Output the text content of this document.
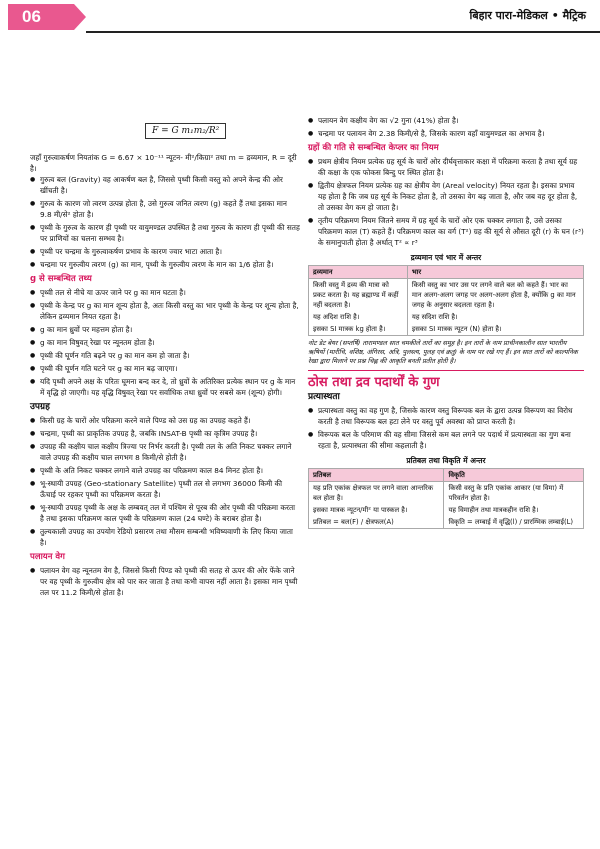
06	बिहार पारा-मेडिकल • मैट्रिक
F = G m₁m₂/R²
जहाँ गुरुत्वाकर्षण नियतांक G = 6.67 × 10⁻¹¹ न्यूटन- मी²/किग्रा² तथा m = द्रव्यमान, R = दूरी है।
● गुरुत्व बल (Gravity) वह आकर्षण बल है, जिससे पृथ्वी किसी वस्तु को अपने केन्द्र की ओर खींचती है।
● गुरुत्व के कारण जो त्वरण उत्पन्न होता है, उसे गुरुत्व जनित त्वरण (g) कहते हैं तथा इसका मान 9.8 मी/से² होता है।
● पृथ्वी के गुरुत्व के कारण ही पृथ्वी पर वायुमण्डल उपस्थित है तथा गुरुत्व के कारण ही पृथ्वी की सतह पर प्राणियों का चलना सम्भव है।
● पृथ्वी पर चन्द्रमा के गुरुत्वाकर्षण प्रभाव के कारण ज्वार भाटा आता है।
● चन्द्रमा पर गुरुत्वीय त्वरण (g) का मान, पृथ्वी के गुरुत्वीय त्वरण के मान का 1/6 होता है।
g से सम्बन्धित तथ्य
● पृथ्वी तल से नीचे या ऊपर जाने पर g का मान घटता है।
● पृथ्वी के केन्द्र पर g का मान शून्य होता है, अतः किसी वस्तु का भार पृथ्वी के केन्द्र पर शून्य होता है, लेकिन द्रव्यमान नियत रहता है।
● g का मान ध्रुवों पर महत्तम होता है।
● g का मान विषुवत् रेखा पर न्यूनतम होता है।
● पृथ्वी की घूर्णन गति बढ़ने पर g का मान कम हो जाता है।
● पृथ्वी की घूर्णन गति घटने पर g का मान बढ़ जाएगा।
● यदि पृथ्वी अपने अक्ष के परितः घूमना बन्द कर दे, तो ध्रुवों के अतिरिक्त प्रत्येक स्थान पर g के मान में वृद्धि हो जाएगी। यह वृद्धि विषुवत् रेखा पर सर्वाधिक तथा ध्रुवों पर सबसे कम (शून्य) होगी।
उपग्रह
● किसी ग्रह के चारों ओर परिक्रमा करने वाले पिण्ड को उस ग्रह का उपग्रह कहते हैं।
● चन्द्रमा, पृथ्वी का प्राकृतिक उपग्रह है, जबकि INSAT-B पृथ्वी का कृत्रिम उपग्रह है।
● उपग्रह की कक्षीय चाल कक्षीय त्रिज्या पर निर्भर करती है। पृथ्वी तल के अति निकट चक्कर लगाने वाले उपग्रह की कक्षीय चाल लगभग 8 किमी/से होती है।
● पृथ्वी के अति निकट चक्कर लगाने वाले उपग्रह का परिक्रमण काल 84 मिनट होता है।
● भू-स्थायी उपग्रह (Geo-stationary Satellite) पृथ्वी तल से लगभग 36000 किमी की ऊँचाई पर रहकर पृथ्वी का परिक्रमण करता है।
● भू-स्थायी उपग्रह पृथ्वी के अक्ष के लम्बवत् तल में पश्चिम से पूरब की ओर पृथ्वी की परिक्रमा करता है तथा इसका परिक्रमण काल पृथ्वी के परिक्रमण काल (24 घण्टे) के बराबर होता है।
● तुल्यकाली उपग्रह का उपयोग रेडियो प्रसारण तथा मौसम सम्बन्धी भविष्यवाणी के लिए किया जाता है।
पलायन वेग
● पलायन वेग वह न्यूनतम वेग है, जिससे किसी पिण्ड को पृथ्वी की सतह से ऊपर की ओर फेंके जाने पर वह पृथ्वी के गुरुत्वीय क्षेत्र को पार कर जाता है तथा कभी वापस नहीं आता है। इसका मान पृथ्वी तल पर 11.2 किमी/से होता है।
● पलायन वेग कक्षीय वेग का √2 गुना (41%) होता है।
● चन्द्रमा पर पलायन वेग 2.38 किमी/से है, जिसके कारण वहाँ वायुमण्डल का अभाव है।
ग्रहों की गति से सम्बन्धित केप्लर का नियम
● प्रथम क्षेत्रीय नियम प्रत्येक ग्रह सूर्य के चारों ओर दीर्घवृत्ताकार कक्षा में परिक्रमा करता है तथा सूर्य ग्रह की कक्षा के एक फोकस बिन्दु पर स्थित होता है।
● द्वितीय क्षेत्रफल नियम प्रत्येक ग्रह का क्षेत्रीय वेग (Areal velocity) नियत रहता है। इसका प्रभाव यह होता है कि जब ग्रह सूर्य के निकट होता है, तो उसका वेग बढ़ जाता है, और जब वह दूर होता है, तो उसका वेग कम हो जाता है।
● तृतीय परिक्रमण नियम जितने समय में ग्रह सूर्य के चारों ओर एक चक्कर लगाता है, उसे उसका परिक्रमण काल (T) कहते हैं। परिक्रमण काल का वर्ग (T²) ग्रह की सूर्य से औसत दूरी (r) के घन (r³) के समानुपाती होता है अर्थात् T² ∝ r³
द्रव्यमान एवं भार में अन्तर
द्रव्यमान	भार
किसी वस्तु में द्रव्य की मात्रा को प्रकट करता है। यह ब्रह्माण्ड में कहीं नहीं बदलता है।	किसी वस्तु का भार उस पर लगने वाले बल को कहते हैं। भार का मान अलग-अलग जगह पर अलग-अलग होता है, क्योंकि g का मान जगह के अनुसार बदलता रहता है।
यह अदिश राशि है।	यह सदिश राशि है।
इसका SI मात्रक kg होता है।	इसका SI मात्रक न्यूटन (N) होता है।

नोट डेट बेयर (सप्तर्षि) तारामण्डल सात चमकीले तारों का समूह है। इन तारों के नाम प्राचीनकालीन सात भारतीय ऋषियों (मारीचि, वशिष्ठ, अंगिरस, अत्रि, पुलस्त्य, पुलह एवं क्रतु) के नाम पर रखे गए हैं। इन सात तारों को काल्पनिक रेखा द्वारा मिलाने पर प्रश्न चिह्न की आकृति बनती प्रतीत होती है।
ठोस तथा द्रव पदार्थों के गुण
प्रत्यास्थता
● प्रत्यास्थता वस्तु का वह गुण है, जिसके कारण वस्तु विरूपक बल के द्वारा उत्पन्न विरूपण का विरोध करती है तथा विरूपक बल हटा लेने पर वस्तु पूर्व अवस्था को प्राप्त करती है।
● विरूपक बल के परिमाण की वह सीमा जिससे कम बल लगने पर पदार्थ में प्रत्यास्थता का गुण बना रहता है, प्रत्यास्थता की सीमा कहलाती है।
प्रतिबल तथा विकृति में अन्तर
प्रतिबल	विकृति
यह प्रति एकांक क्षेत्रफल पर लगने वाला आन्तरिक बल होता है।	किसी वस्तु के प्रति एकांक आकार (या विमा) में परिवर्तन होता है।
इसका मात्रक न्यूटन/मी² या पास्कल है।	यह विमाहीन तथा मात्रकहीन राशि है।
प्रतिबल = बल(F) / क्षेत्रफल(A)	विकृति = लम्बाई में वृद्धि(l) / प्रारम्भिक लम्बाई(L)
